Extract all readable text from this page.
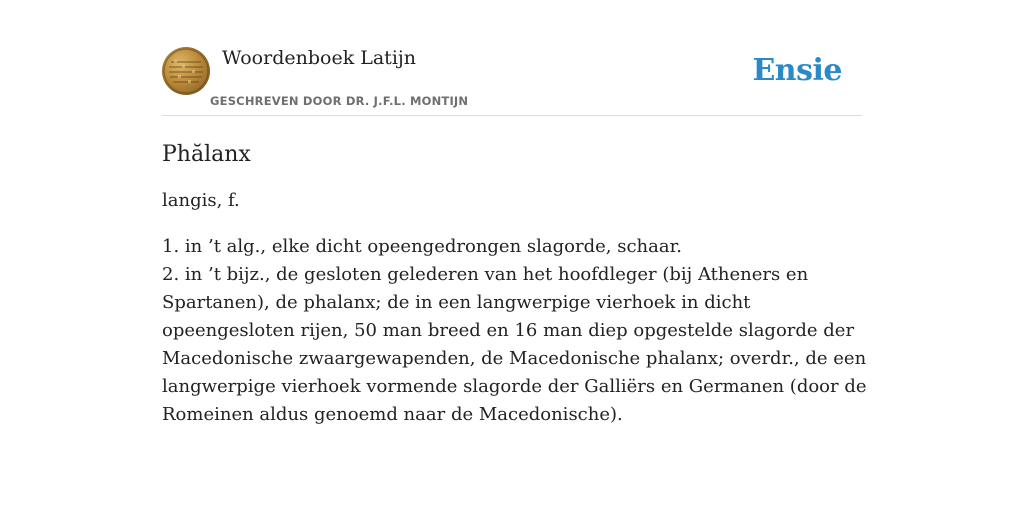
Woordenboek Latijn
GESCHREVEN DOOR DR. J.F.L. MONTIJN
Ensie
Phălanx

langis, f.

1. in ’t alg., elke dicht opeengedrongen slagorde, schaar.

2. in ’t bijz., de gesloten gelederen van het hoofdleger (bij Atheners en Spartanen), de phalanx; de in een langwerpige vierhoek in dicht opeengesloten rijen, 50 man breed en 16 man diep opgestelde slagorde der Macedonische zwaargewapenden, de Macedonische phalanx; overdr., de een langwerpige vierhoek vormende slagorde der Galliërs en Germanen (door de Romeinen aldus genoemd naar de Macedonische).
